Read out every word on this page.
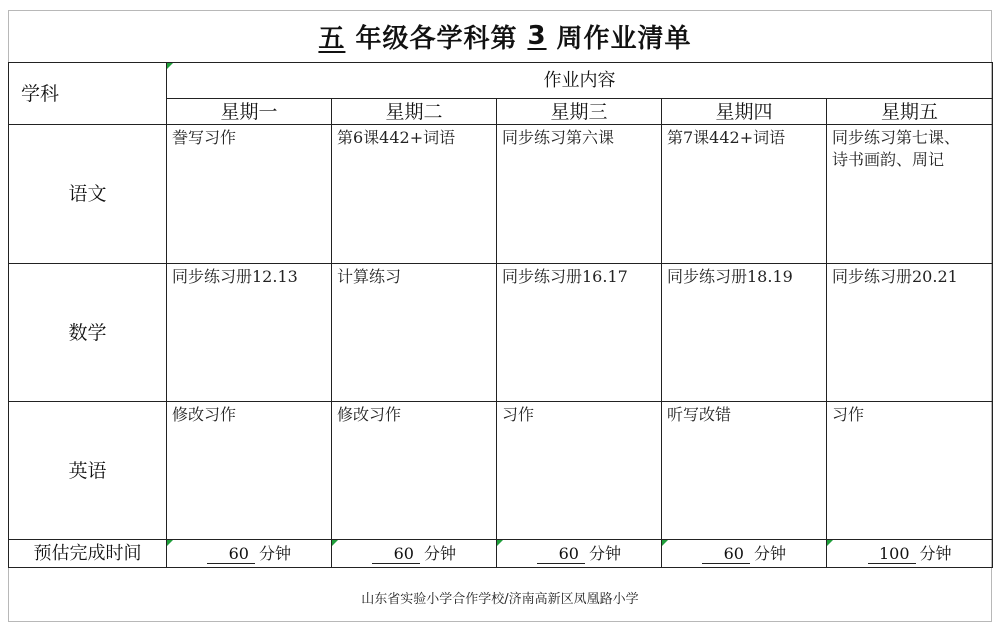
五 年级各学科第 3 周作业清单
学科	作业内容				
	星期一	星期二	星期三	星期四	星期五
语文	誊写习作	第6课442+词语	同步练习第六课	第7课442+词语	同步练习第七课、
诗书画韵、周记

数学	同步练习册12.13	计算练习	同步练习册16.17	同步练习册18.19	同步练习册20.21

英语	修改习作	修改习作	习作	听写改错	习作

预估完成时间	60 分钟	60 分钟	60 分钟	60 分钟	100 分钟
山东省实验小学合作学校/济南高新区凤凰路小学
